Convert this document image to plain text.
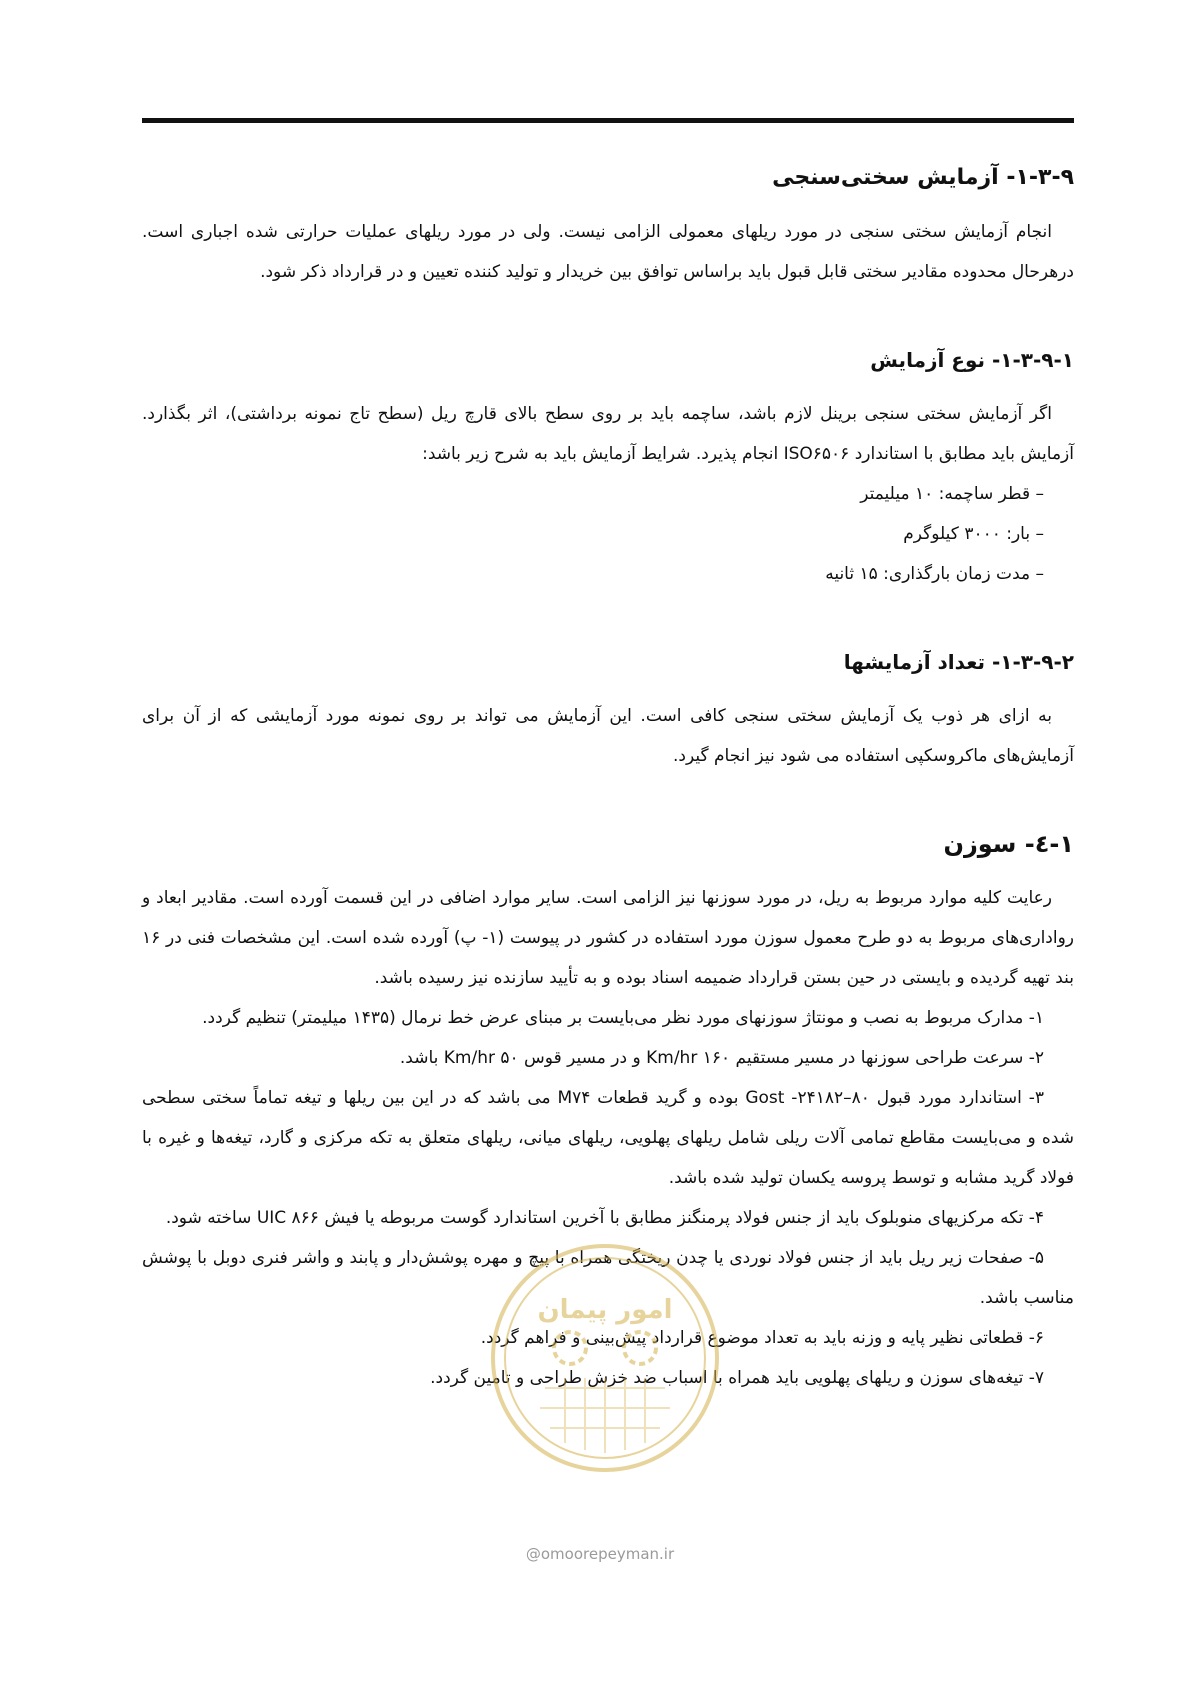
۱-۳-۹- آزمایش سختی‌سنجی

انجام آزمایش سختی سنجی در مورد ریلهای معمولی الزامی نیست. ولی در مورد ریلهای عملیات حرارتی شده اجباری است. درهرحال محدوده مقادیر سختی قابل قبول باید براساس توافق بین خریدار و تولید کننده تعیین و در قرارداد ذکر شود.

۱-۳-۹-۱- نوع آزمایش

اگر آزمایش سختی سنجی برینل لازم باشد، ساچمه باید بر روی سطح بالای قارچ ریل (سطح تاج نمونه برداشتی)، اثر بگذارد. آزمایش باید مطابق با استاندارد ISO۶۵۰۶ انجام پذیرد. شرایط آزمایش باید به شرح زیر باشد:

– قطر ساچمه: ۱۰ میلیمتر
– بار: ۳۰۰۰ کیلوگرم
– مدت زمان بارگذاری: ۱۵ ثانیه
۱-۳-۹-۲- تعداد آزمایشها

به ازای هر ذوب یک آزمایش سختی سنجی کافی است. این آزمایش می تواند بر روی نمونه مورد آزمایشی که از آن برای آزمایش‌های ماکروسکپی استفاده می شود نیز انجام گیرد.

۱-٤- سوزن

رعایت کلیه موارد مربوط به ریل، در مورد سوزنها نیز الزامی است. سایر موارد اضافی در این قسمت آورده است. مقادیر ابعاد و رواداری‌های مربوط به دو طرح معمول سوزن مورد استفاده در کشور در پیوست (۱- پ) آورده شده است. این مشخصات فنی در ۱۶ بند تهیه گردیده و بایستی در حین بستن قرارداد ضمیمه اسناد بوده و به تأیید سازنده نیز رسیده باشد.

۱- مدارک مربوط به نصب و مونتاژ سوزنهای مورد نظر می‌بایست بر مبنای عرض خط نرمال (۱۴۳۵ میلیمتر) تنظیم گردد.

۲- سرعت طراحی سوزنها در مسیر مستقیم ۱۶۰ Km/hr و در مسیر قوس ۵۰ Km/hr باشد.

۳- استاندارد مورد قبول ۸۰–۲۴۱۸۲- Gost بوده و گرید قطعات M۷۴ می باشد که در این بین ریلها و تیغه تماماً سختی سطحی شده و می‌بایست مقاطع تمامی آلات ریلی شامل ریلهای پهلویی، ریلهای میانی، ریلهای متعلق به تکه مرکزی و گارد، تیغه‌ها و غیره با فولاد گرید مشابه و توسط پروسه یکسان تولید شده باشد.

۴- تکه مرکزیهای منوبلوک باید از جنس فولاد پرمنگنز مطابق با آخرین استاندارد گوست مربوطه یا فیش UIC ۸۶۶ ساخته شود.

۵- صفحات زیر ریل باید از جنس فولاد نوردی یا چدن ریختگی همراه با پیچ و مهره پوشش‌دار و پابند و واشر فنری دوبل با پوشش مناسب باشد.

۶- قطعاتی نظیر پایه و وزنه باید به تعداد موضوع قرارداد پیش‌بینی و فراهم گردد.

۷- تیغه‌های سوزن و ریلهای پهلویی باید همراه با اسباب ضد خزش طراحی و تامین گردد.

امور پیمان
@omoorepeyman.ir
